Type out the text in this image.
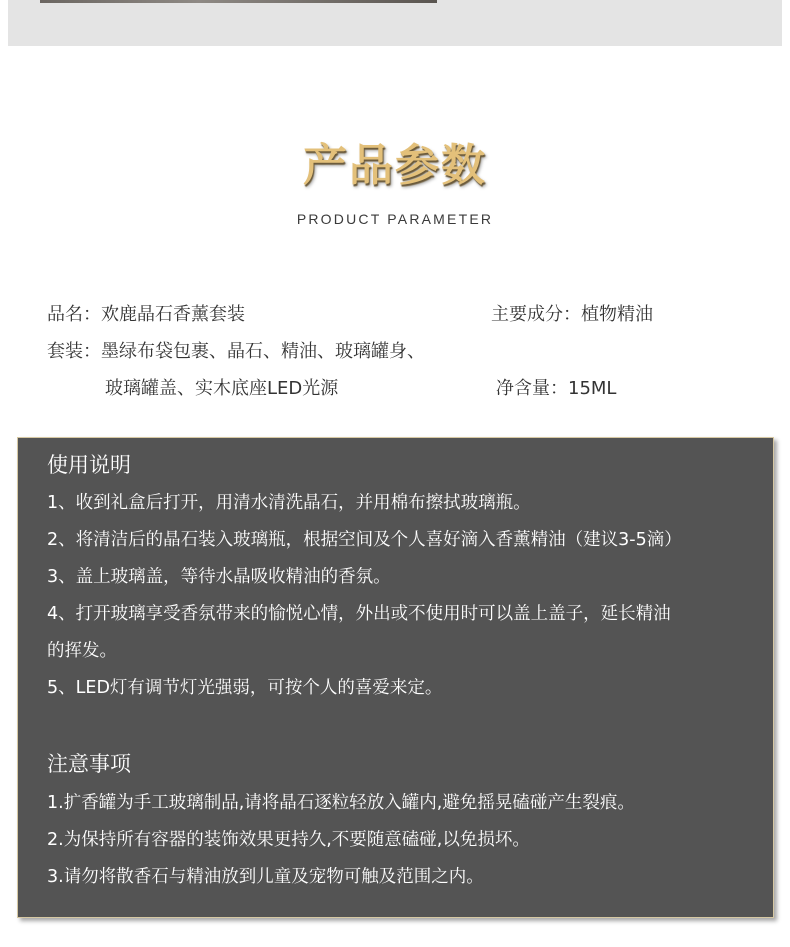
产品参数
PRODUCT PARAMETER
品名：欢鹿晶石香薰套装	主要成分：植物精油
套装：墨绿布袋包裹、晶石、精油、玻璃罐身、
玻璃罐盖、实木底座LED光源	净含量：15ML
使用说明
1、收到礼盒后打开，用清水清洗晶石，并用棉布擦拭玻璃瓶。
2、将清洁后的晶石装入玻璃瓶，根据空间及个人喜好滴入香薰精油（建议3-5滴）
3、盖上玻璃盖，等待水晶吸收精油的香氛。
4、打开玻璃享受香氛带来的愉悦心情，外出或不使用时可以盖上盖子，延长精油
的挥发。
5、LED灯有调节灯光强弱，可按个人的喜爱来定。
注意事项
1.扩香罐为手工玻璃制品,请将晶石逐粒轻放入罐内,避免摇晃磕碰产生裂痕。
2.为保持所有容器的装饰效果更持久,不要随意磕碰,以免损坏。
3.请勿将散香石与精油放到儿童及宠物可触及范围之内。
